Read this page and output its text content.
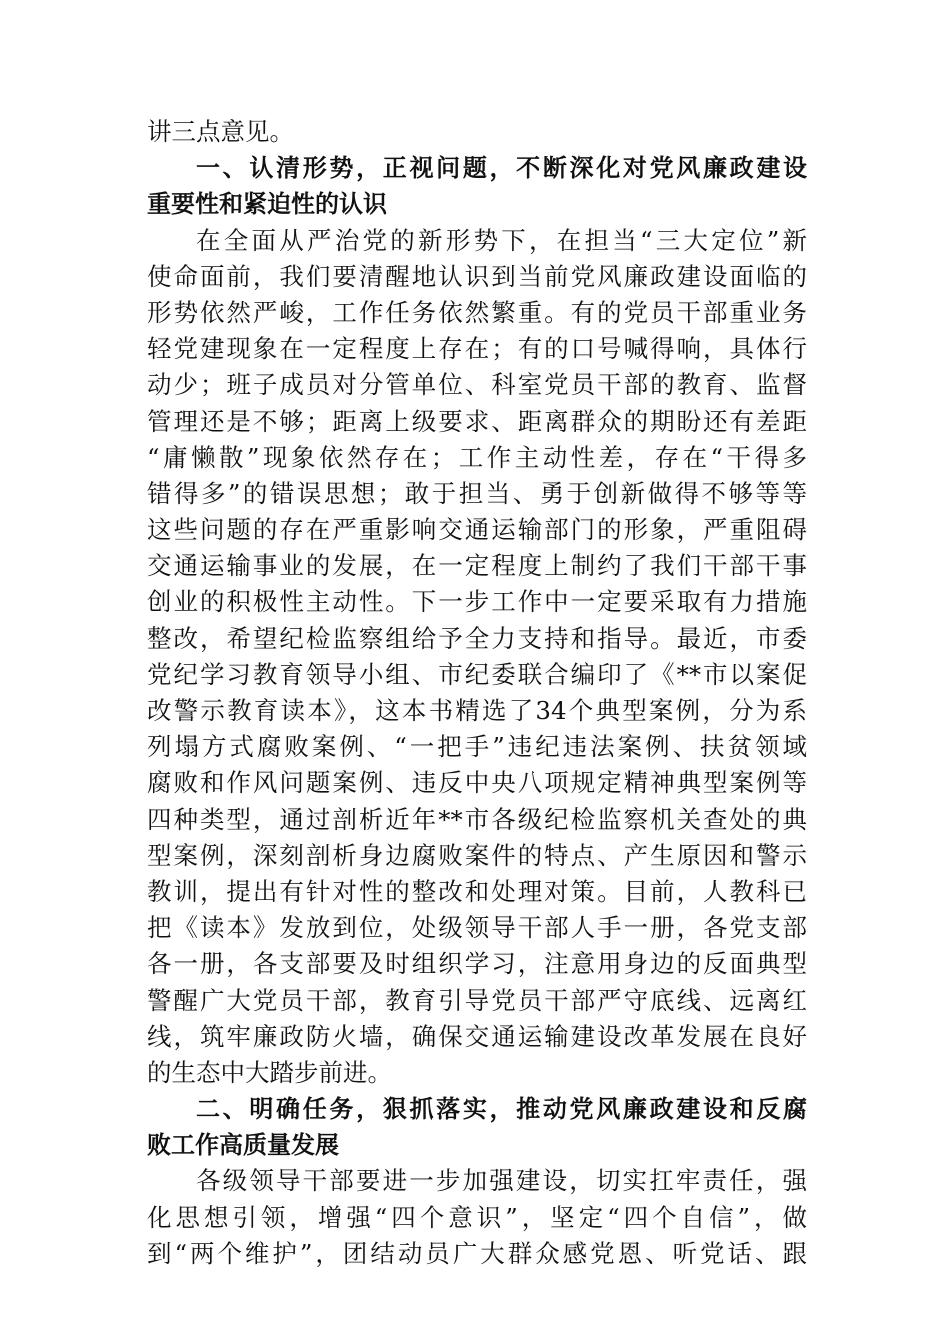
讲三点意见。
一、认清形势，正视问题，不断深化对党风廉政建设
重要性和紧迫性的认识
在全面从严治党的新形势下，在担当“三大定位”新
使命面前，我们要清醒地认识到当前党风廉政建设面临的
形势依然严峻，工作任务依然繁重。有的党员干部重业务
轻党建现象在一定程度上存在；有的口号喊得响，具体行
动少；班子成员对分管单位、科室党员干部的教育、监督
管理还是不够；距离上级要求、距离群众的期盼还有差距
“庸懒散”现象依然存在；工作主动性差，存在“干得多
错得多”的错误思想；敢于担当、勇于创新做得不够等等
这些问题的存在严重影响交通运输部门的形象，严重阻碍
交通运输事业的发展，在一定程度上制约了我们干部干事
创业的积极性主动性。下一步工作中一定要采取有力措施
整改，希望纪检监察组给予全力支持和指导。最近，市委
党纪学习教育领导小组、市纪委联合编印了《**市以案促
改警示教育读本》，这本书精选了34个典型案例，分为系
列塌方式腐败案例、“一把手”违纪违法案例、扶贫领域
腐败和作风问题案例、违反中央八项规定精神典型案例等
四种类型，通过剖析近年**市各级纪检监察机关查处的典
型案例，深刻剖析身边腐败案件的特点、产生原因和警示
教训，提出有针对性的整改和处理对策。目前，人教科已
把《读本》发放到位，处级领导干部人手一册，各党支部
各一册，各支部要及时组织学习，注意用身边的反面典型
警醒广大党员干部，教育引导党员干部严守底线、远离红
线，筑牢廉政防火墙，确保交通运输建设改革发展在良好
的生态中大踏步前进。
二、明确任务，狠抓落实，推动党风廉政建设和反腐
败工作高质量发展
各级领导干部要进一步加强建设，切实扛牢责任，强
化思想引领，增强“四个意识”，坚定“四个自信”，做
到“两个维护”，团结动员广大群众感党恩、听党话、跟
